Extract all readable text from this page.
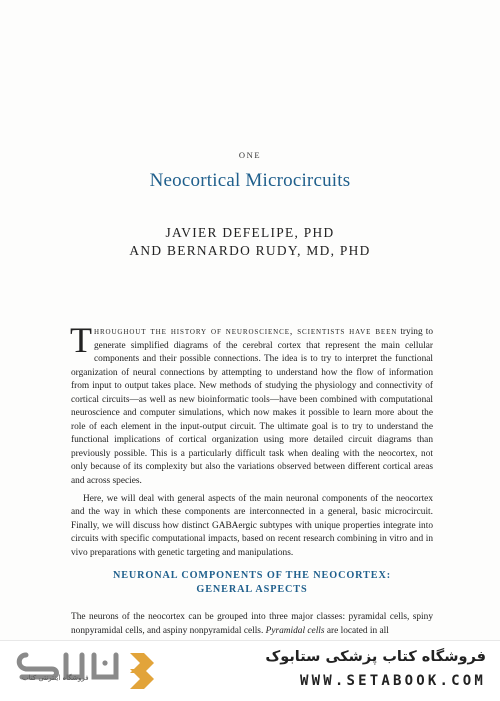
ONE
Neocortical Microcircuits
JAVIER DEFELIPE, PHD
AND BERNARDO RUDY, MD, PHD

Throughout the history of neuroscience, scientists have been trying to generate simplified diagrams of the cerebral cortex that represent the main cellular components and their possible connections. The idea is to try to interpret the functional organization of neural connections by attempting to understand how the flow of information from input to output takes place. New methods of studying the physiology and connectivity of cortical circuits—as well as new bioinformatic tools—have been combined with computational neuroscience and computer simulations, which now makes it possible to learn more about the role of each element in the input-output circuit. The ultimate goal is to try to understand the functional implications of cortical organization using more detailed circuit diagrams than previously possible. This is a particularly difficult task when dealing with the neocortex, not only because of its complexity but also the variations observed between different cortical areas and across species.

Here, we will deal with general aspects of the main neuronal components of the neocortex and the way in which these components are interconnected in a general, basic microcircuit. Finally, we will discuss how distinct GABAergic subtypes with unique properties integrate into circuits with specific computational impacts, based on recent research combining in vitro and in vivo preparations with genetic targeting and manipulations.

NEURONAL COMPONENTS OF THE NEOCORTEX:
GENERAL ASPECTS
The neurons of the neocortex can be grouped into three major classes: pyramidal cells, spiny nonpyramidal cells, and aspiny nonpyramidal cells. Pyramidal cells are located in all
فروشگاه اینترنتی کتاب
فروشگاه کتاب پزشکی ستابوک
WWW.SETABOOK.COM
